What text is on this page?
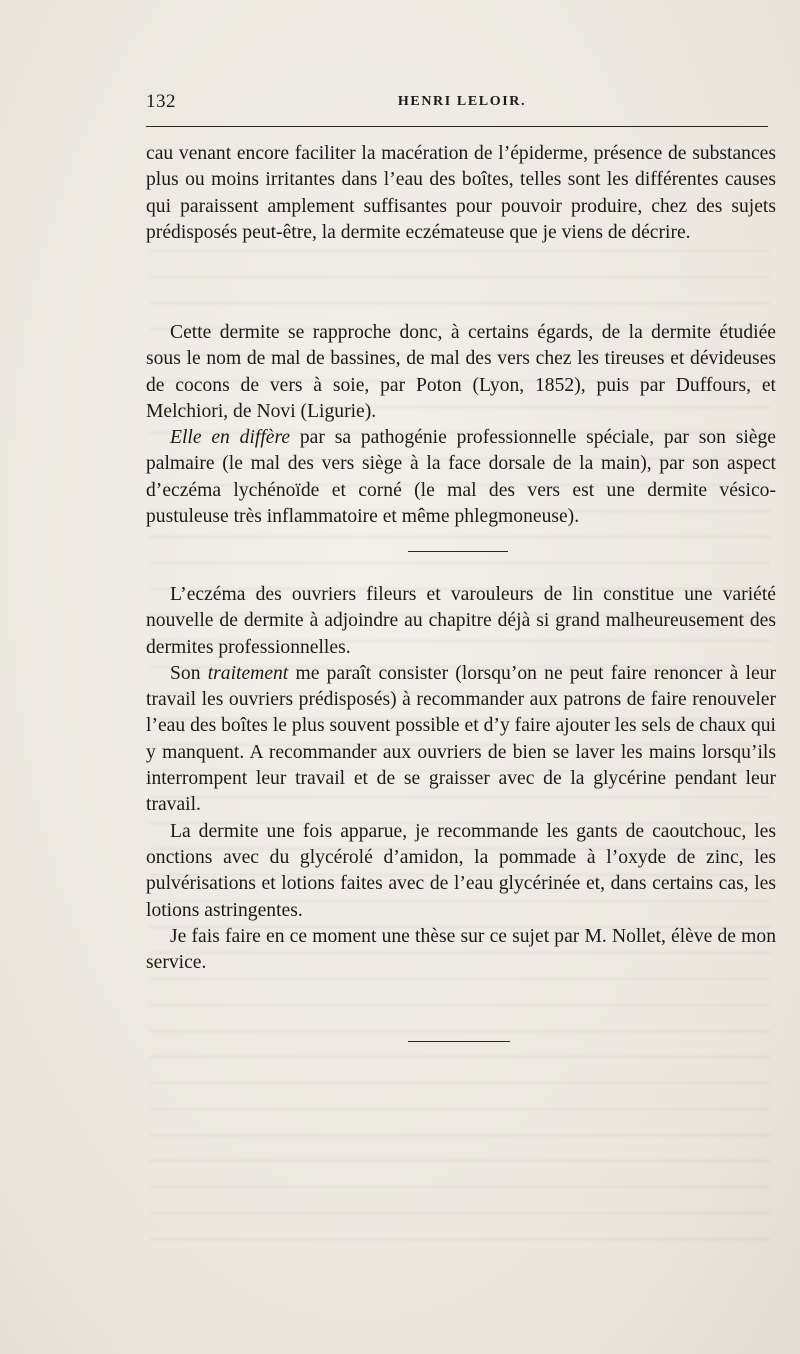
132	HENRI LELOIR.

cau venant encore faciliter la macération de l’épiderme, présence de substances plus ou moins irritantes dans l’eau des boîtes, telles sont les différentes causes qui paraissent amplement suffisantes pour pouvoir produire, chez des sujets prédisposés peut-être, la dermite eczémateuse que je viens de décrire.

Cette dermite se rapproche donc, à certains égards, de la dermite étudiée sous le nom de mal de bassines, de mal des vers chez les tireuses et dévideuses de cocons de vers à soie, par Poton (Lyon, 1852), puis par Duffours, et Melchiori, de Novi (Ligurie).

Elle en diffère par sa pathogénie professionnelle spéciale, par son siège palmaire (le mal des vers siège à la face dorsale de la main), par son aspect d’eczéma lychénoïde et corné (le mal des vers est une dermite vésico-pustuleuse très inflammatoire et même phlegmoneuse).

L’eczéma des ouvriers fileurs et varouleurs de lin constitue une variété nouvelle de dermite à adjoindre au chapitre déjà si grand malheureusement des dermites professionnelles.

Son traitement me paraît consister (lorsqu’on ne peut faire renoncer à leur travail les ouvriers prédisposés) à recommander aux patrons de faire renouveler l’eau des boîtes le plus souvent possible et d’y faire ajouter les sels de chaux qui y manquent. A recommander aux ouvriers de bien se laver les mains lorsqu’ils interrompent leur travail et de se graisser avec de la glycérine pendant leur travail.

La dermite une fois apparue, je recommande les gants de caoutchouc, les onctions avec du glycérolé d’amidon, la pommade à l’oxyde de zinc, les pulvérisations et lotions faites avec de l’eau glycérinée et, dans certains cas, les lotions astringentes.

Je fais faire en ce moment une thèse sur ce sujet par M. Nollet, élève de mon service.
